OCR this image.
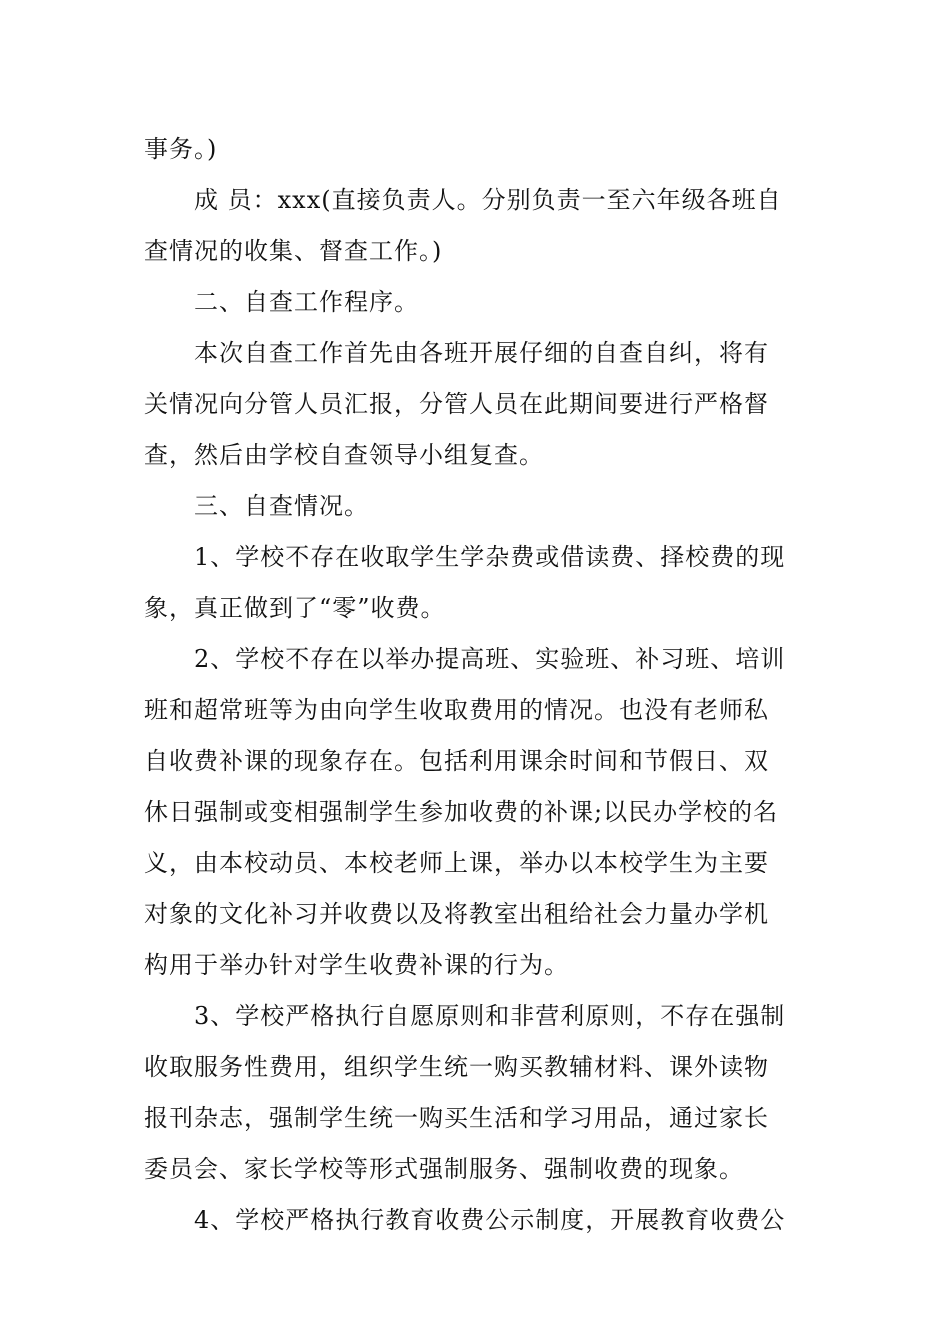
事务。)

成 员：xxx(直接负责人。分别负责一至六年级各班自

查情况的收集、督查工作。)

二、自查工作程序。

本次自查工作首先由各班开展仔细的自查自纠，将有

关情况向分管人员汇报，分管人员在此期间要进行严格督

查，然后由学校自查领导小组复查。

三、自查情况。

1、学校不存在收取学生学杂费或借读费、择校费的现

象，真正做到了“零”收费。

2、学校不存在以举办提高班、实验班、补习班、培训

班和超常班等为由向学生收取费用的情况。也没有老师私

自收费补课的现象存在。包括利用课余时间和节假日、双

休日强制或变相强制学生参加收费的补课;以民办学校的名

义，由本校动员、本校老师上课，举办以本校学生为主要

对象的文化补习并收费以及将教室出租给社会力量办学机

构用于举办针对学生收费补课的行为。

3、学校严格执行自愿原则和非营利原则，不存在强制

收取服务性费用，组织学生统一购买教辅材料、课外读物

报刊杂志，强制学生统一购买生活和学习用品，通过家长

委员会、家长学校等形式强制服务、强制收费的现象。

4、学校严格执行教育收费公示制度，开展教育收费公
